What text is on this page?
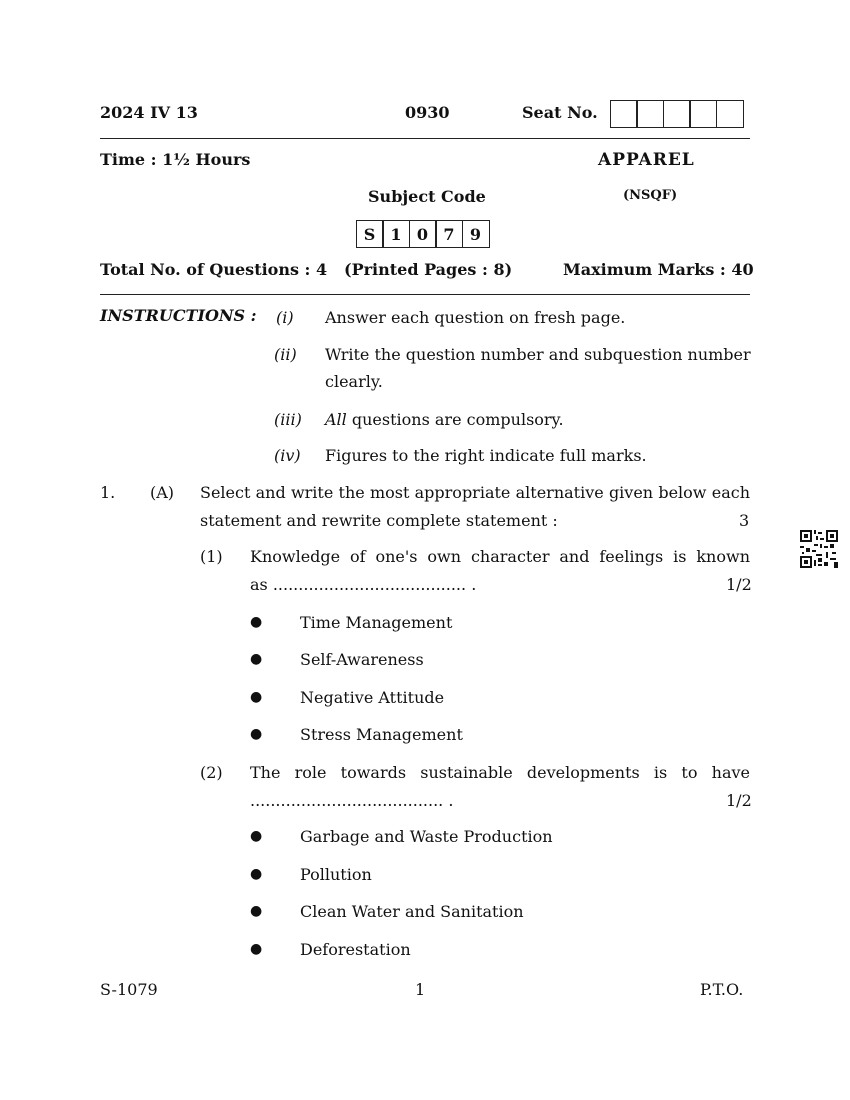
2024 IV 13	0930	Seat No.
Time : 1½ Hours	APPAREL
Subject Code	(NSQF)
S 1 0 7 9
Total No. of Questions : 4 (Printed Pages : 8)	Maximum Marks : 40
INSTRUCTIONS : (i) Answer each question on fresh page.
(ii) Write the question number and subquestion number
clearly.
(iii) All questions are compulsory.
(iv) Figures to the right indicate full marks.
1. (A) Select and write the most appropriate alternative given below each
statement and rewrite complete statement :	3
(1) Knowledge of one's own character and feelings is known
as ...................................... .	1/2
● Time Management
● Self-Awareness
● Negative Attitude
● Stress Management
(2) The role towards sustainable developments is to have
...................................... .	1/2
● Garbage and Waste Production
● Pollution
● Clean Water and Sanitation
● Deforestation
S-1079	1	P.T.O.
